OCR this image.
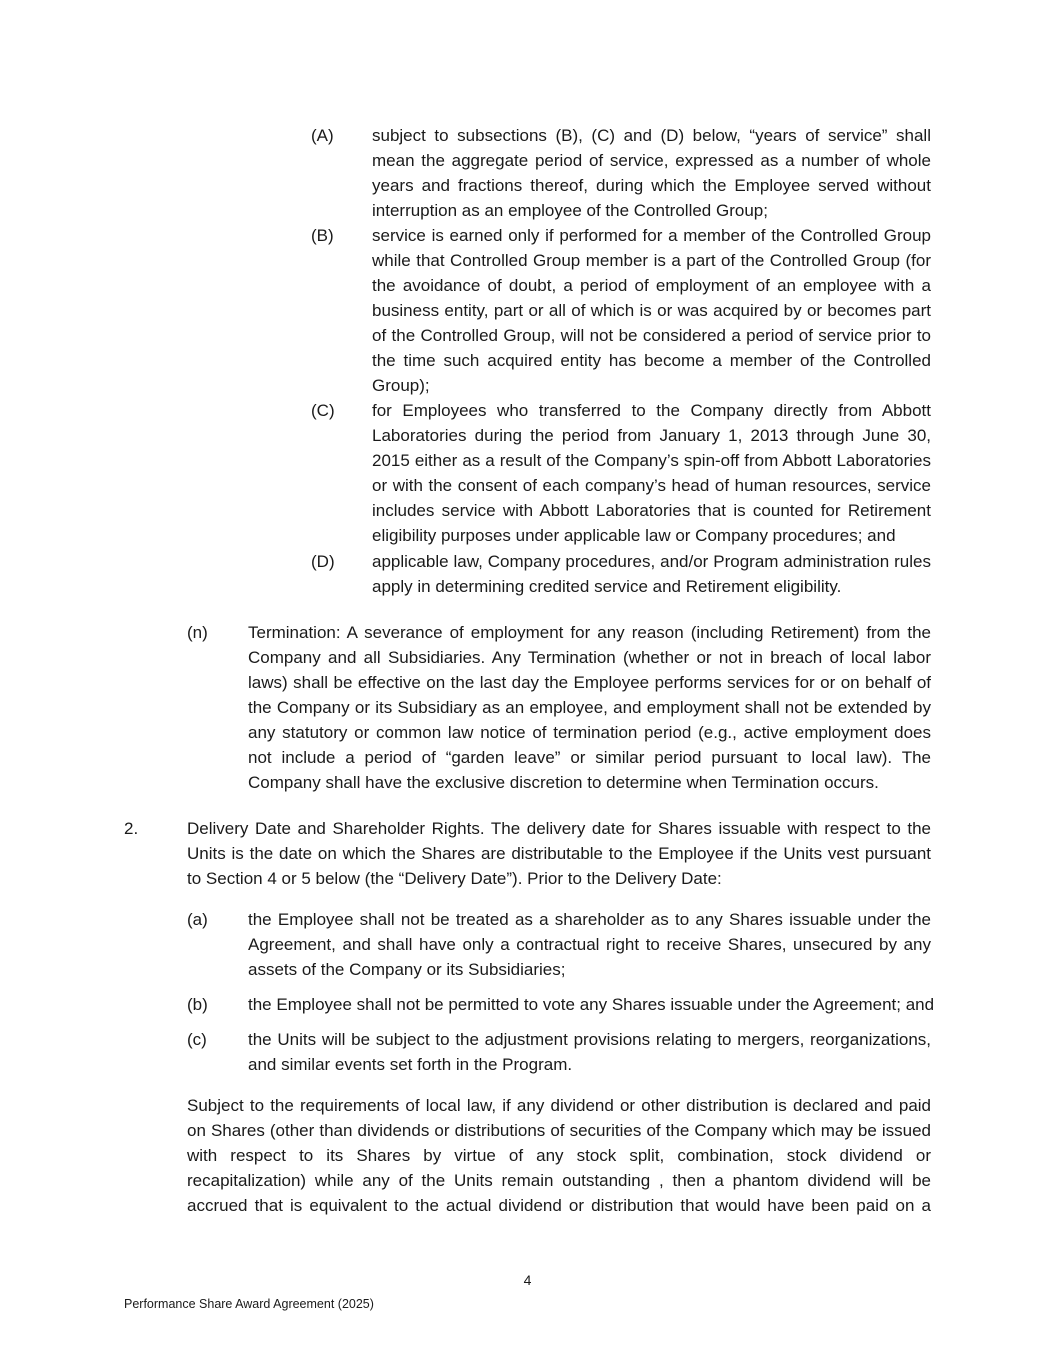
(A) subject to subsections (B), (C) and (D) below, “years of service” shall mean the aggregate period of service, expressed as a number of whole years and fractions thereof, during which the Employee served without interruption as an employee of the Controlled Group;
(B) service is earned only if performed for a member of the Controlled Group while that Controlled Group member is a part of the Controlled Group (for the avoidance of doubt, a period of employment of an employee with a business entity, part or all of which is or was acquired by or becomes part of the Controlled Group, will not be considered a period of service prior to the time such acquired entity has become a member of the Controlled Group);
(C) for Employees who transferred to the Company directly from Abbott Laboratories during the period from January 1, 2013 through June 30, 2015 either as a result of the Company’s spin-off from Abbott Laboratories or with the consent of each company’s head of human resources, service includes service with Abbott Laboratories that is counted for Retirement eligibility purposes under applicable law or Company procedures; and
(D) applicable law, Company procedures, and/or Program administration rules apply in determining credited service and Retirement eligibility.
(n) Termination: A severance of employment for any reason (including Retirement) from the Company and all Subsidiaries. Any Termination (whether or not in breach of local labor laws) shall be effective on the last day the Employee performs services for or on behalf of the Company or its Subsidiary as an employee, and employment shall not be extended by any statutory or common law notice of termination period (e.g., active employment does not include a period of “garden leave” or similar period pursuant to local law). The Company shall have the exclusive discretion to determine when Termination occurs.
2.	Delivery Date and Shareholder Rights. The delivery date for Shares issuable with respect to the Units is the date on which the Shares are distributable to the Employee if the Units vest pursuant to Section 4 or 5 below (the “Delivery Date”). Prior to the Delivery Date:
(a) the Employee shall not be treated as a shareholder as to any Shares issuable under the Agreement, and shall have only a contractual right to receive Shares, unsecured by any assets of the Company or its Subsidiaries;
(b) the Employee shall not be permitted to vote any Shares issuable under the Agreement; and
(c) the Units will be subject to the adjustment provisions relating to mergers, reorganizations, and similar events set forth in the Program.
Subject to the requirements of local law, if any dividend or other distribution is declared and paid on Shares (other than dividends or distributions of securities of the Company which may be issued with respect to its Shares by virtue of any stock split, combination, stock dividend or recapitalization) while any of the Units remain outstanding , then a phantom dividend will be accrued that is equivalent to the actual dividend or distribution that would have been paid on a
4
Performance Share Award Agreement (2025)
